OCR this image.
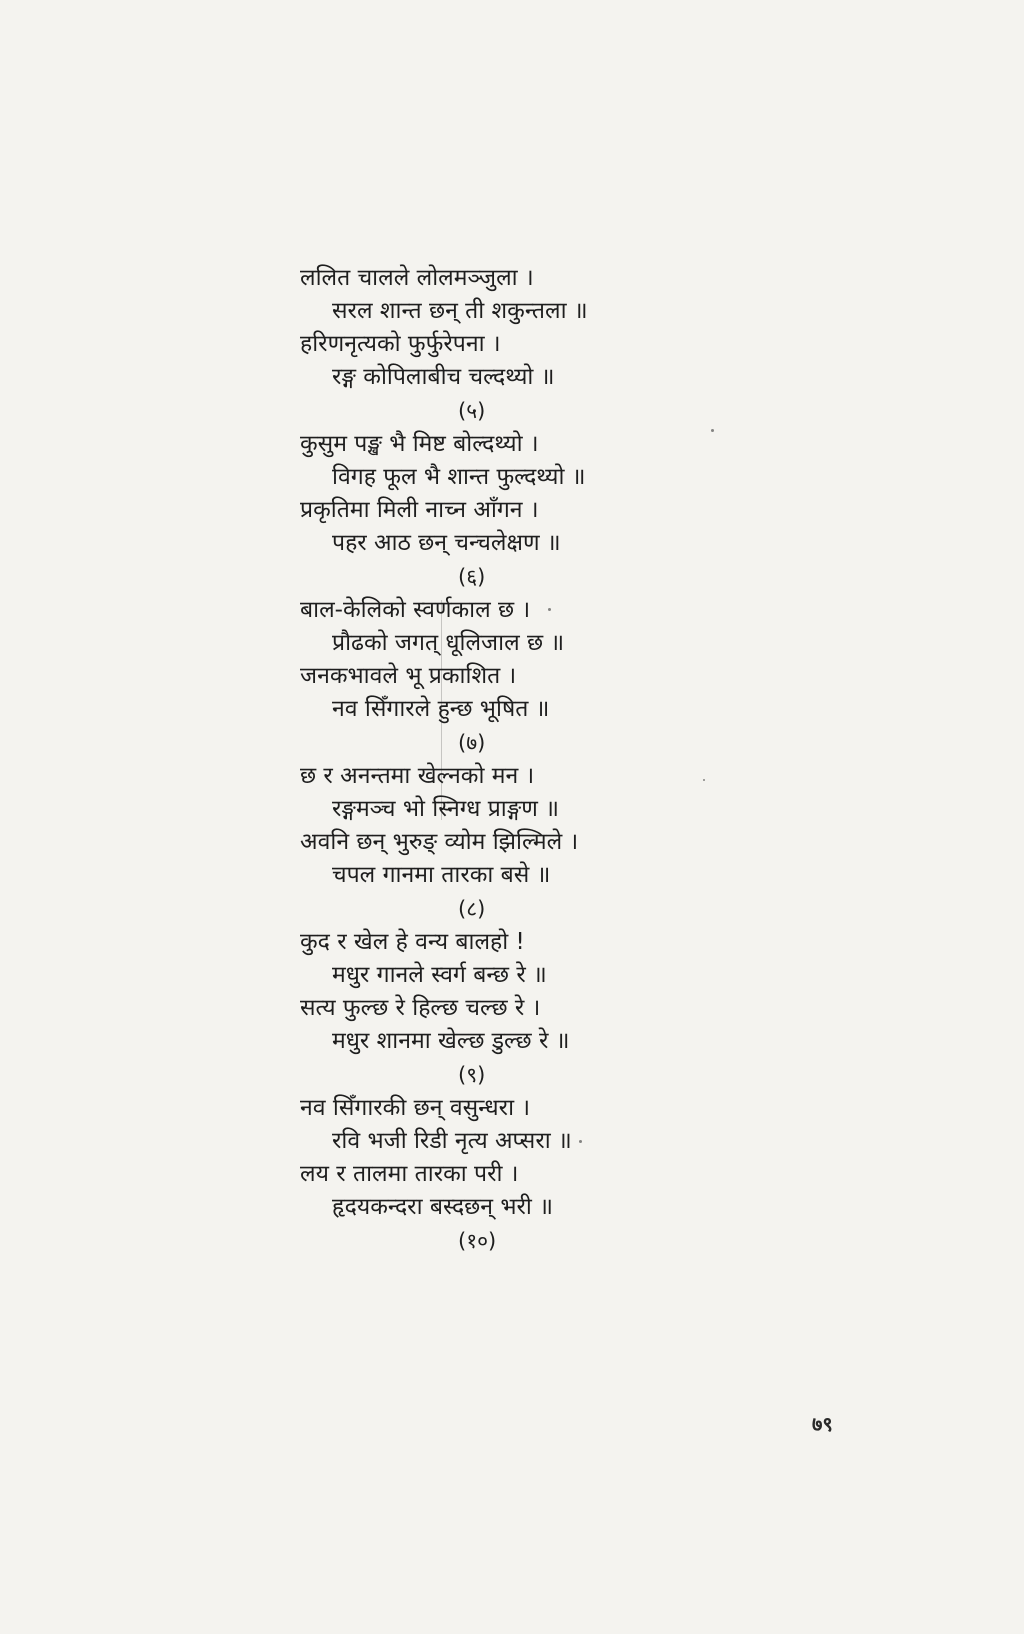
ललित चालले लोलमञ्जुला ।
सरल शान्त छन् ती शकुन्तला ॥
हरिणनृत्यको फुर्फुरेपना ।
रङ्ग कोपिलाबीच चल्दथ्यो ॥
(५)
कुसुम पङ्ख भै मिष्ट बोल्दथ्यो ।
विगह फूल भै शान्त फुल्दथ्यो ॥
प्रकृतिमा मिली नाच्न आँगन ।
पहर आठ छन् चन्चलेक्षण ॥
(६)
बाल-केलिको स्वर्णकाल छ ।
प्रौढको जगत् धूलिजाल छ ॥
जनकभावले भू प्रकाशित ।
नव सिँगारले हुन्छ भूषित ॥
(७)
छ र अनन्तमा खेल्नको मन ।
रङ्गमञ्च भो स्निग्ध प्राङ्गण ॥
अवनि छन् भुरुङ् व्योम झिल्मिले ।
चपल गानमा तारका बसे ॥
(८)
कुद र खेल हे वन्य बालहो !
मधुर गानले स्वर्ग बन्छ रे ॥
सत्य फुल्छ रे हिल्छ चल्छ रे ।
मधुर शानमा खेल्छ डुल्छ रे ॥
(९)
नव सिँगारकी छन् वसुन्धरा ।
रवि भजी रिडी नृत्य अप्सरा ॥
लय र तालमा तारका परी ।
हृदयकन्दरा बस्दछन् भरी ॥
(१०)
७९
